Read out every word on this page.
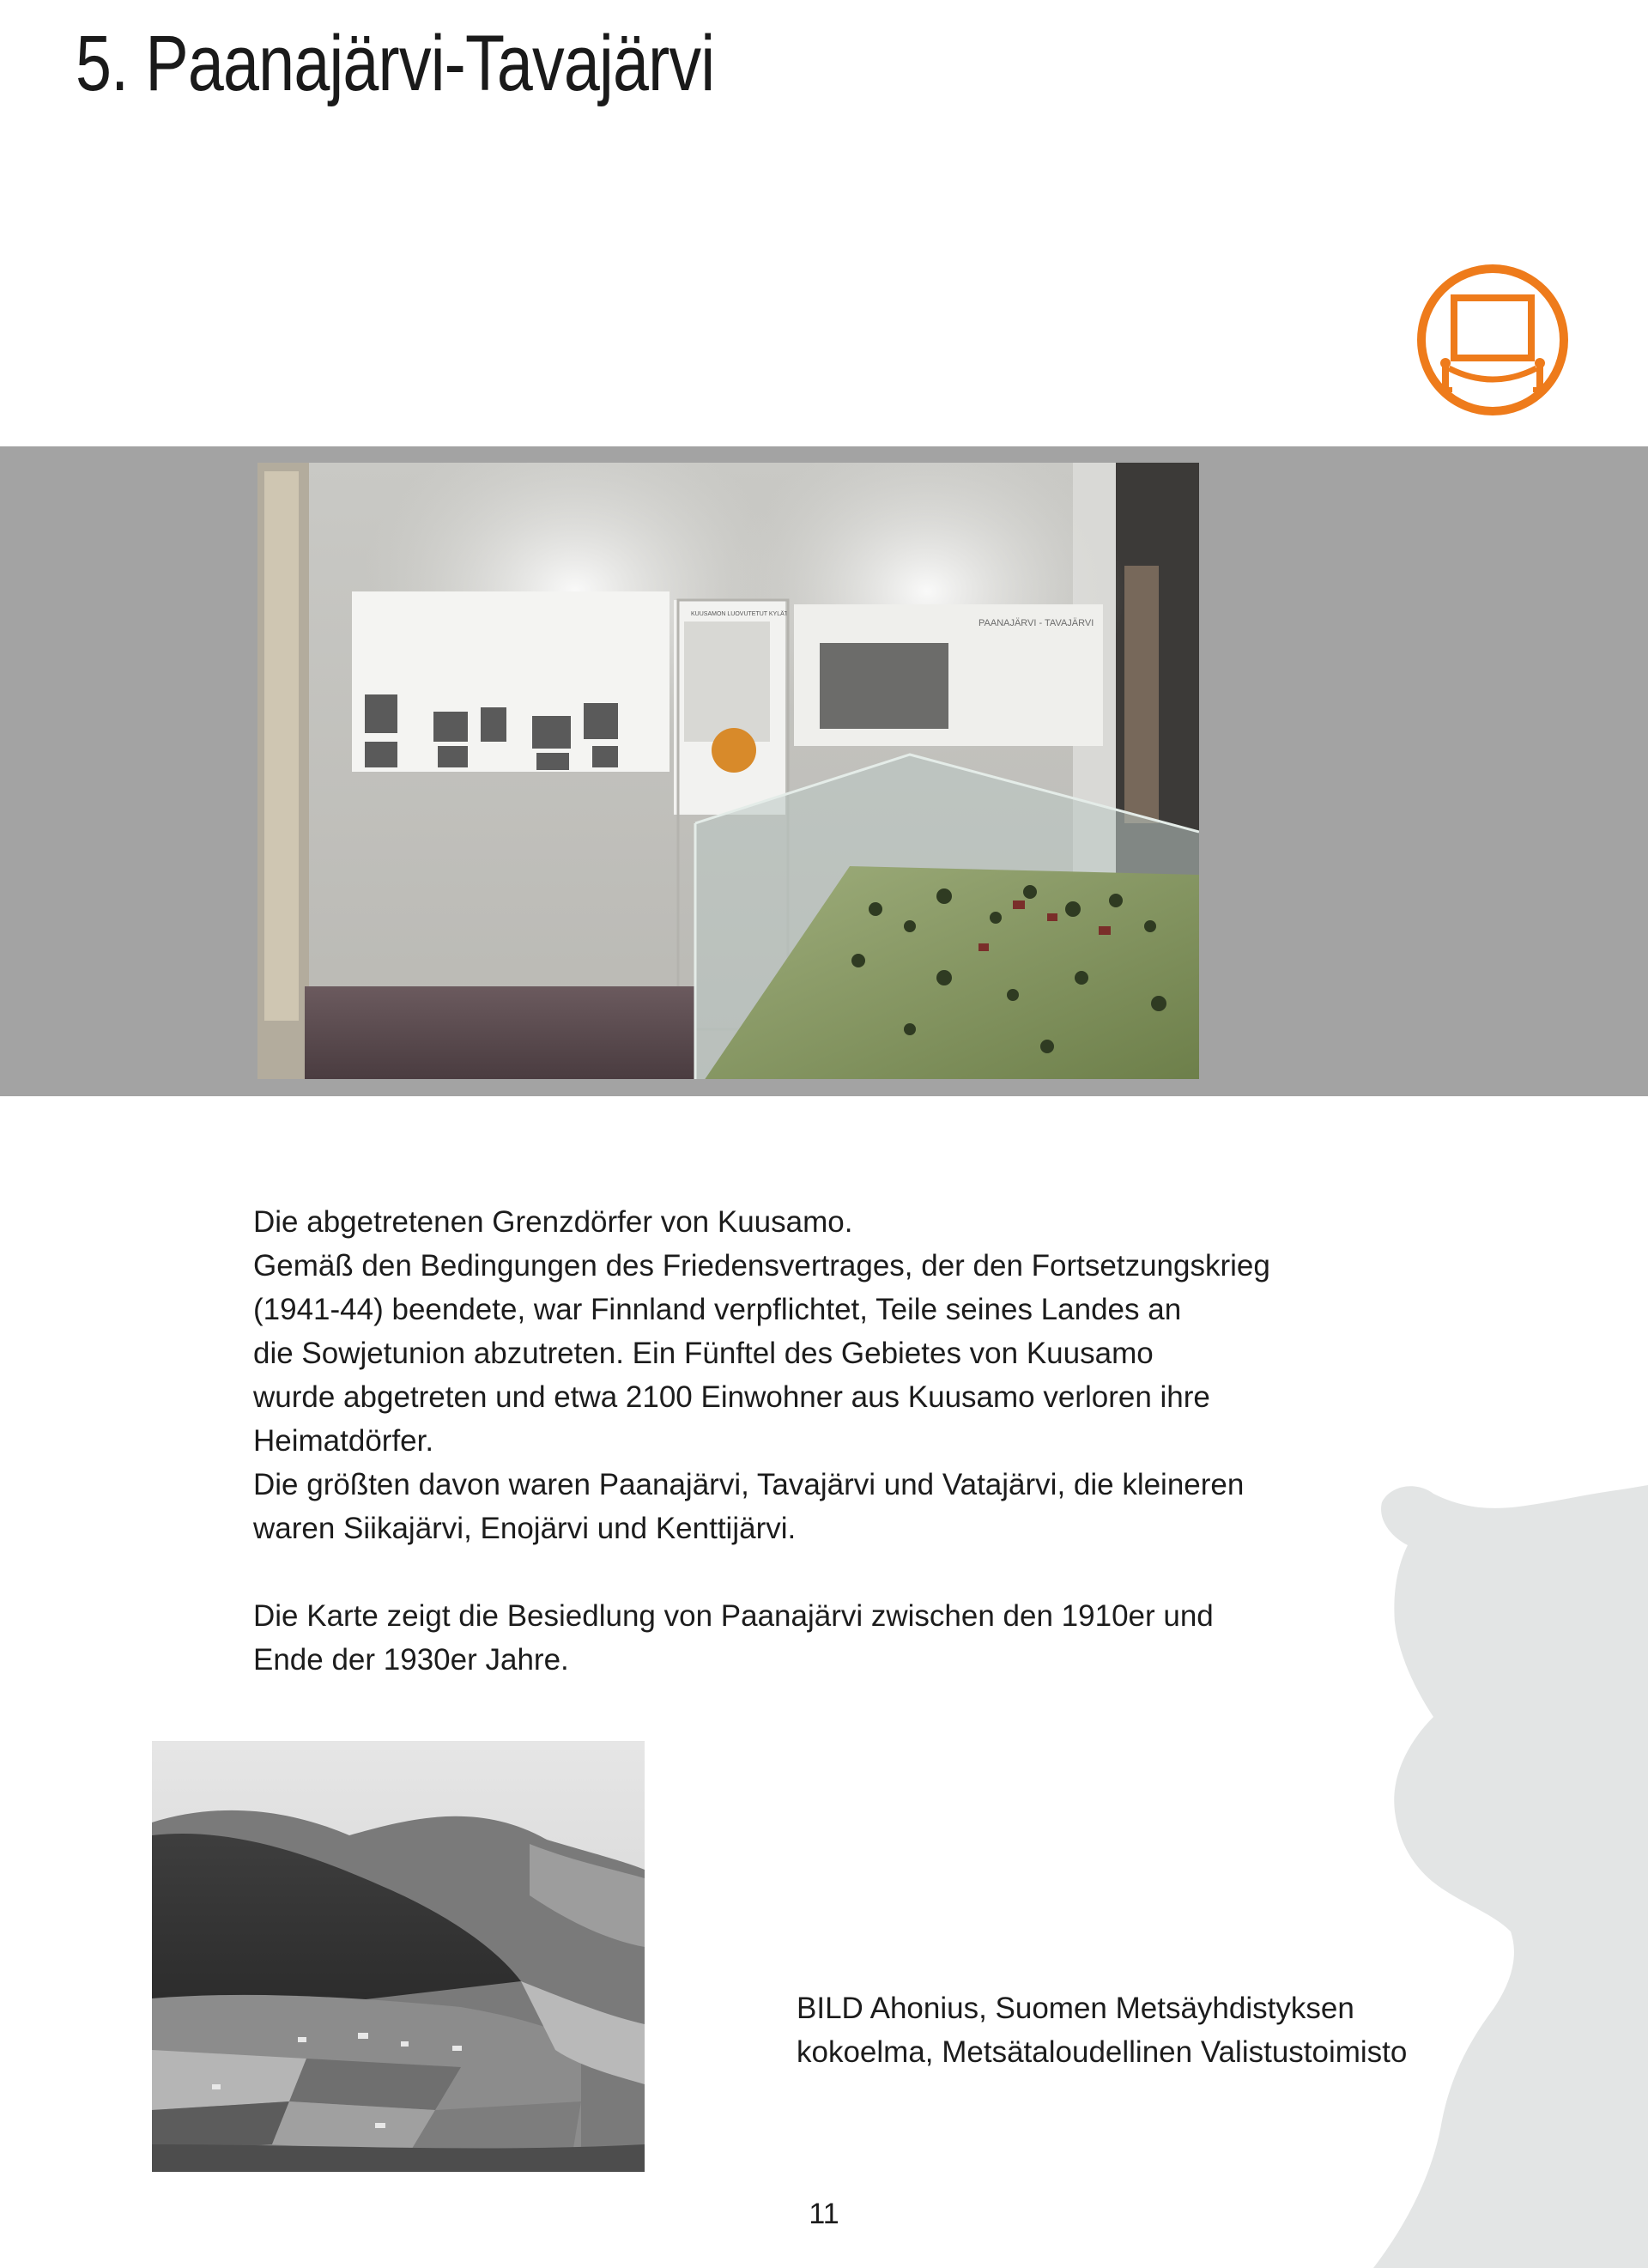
5. Paanajärvi-Tavajärvi
PAANAJÄRVI - TAVAJÄRVI
KUUSAMON LUOVUTETUT KYLÄT

Die abgetretenen Grenzdörfer von Kuusamo.
Gemäß den Bedingungen des Friedensvertrages, der den Fortsetzungskrieg
(1941-44) beendete, war Finnland verpflichtet, Teile seines Landes an
die Sowjetunion abzutreten. Ein Fünftel des Gebietes von Kuusamo
wurde abgetreten und etwa 2100 Einwohner aus Kuusamo verloren ihre
Heimatdörfer.
Die größten davon waren Paanajärvi, Tavajärvi und Vatajärvi, die kleineren
waren Siikajärvi, Enojärvi und Kenttijärvi.

Die Karte zeigt die Besiedlung von Paanajärvi zwischen den 1910er und
Ende der 1930er Jahre.

BILD Ahonius, Suomen Metsäyhdistyksen
kokoelma, Metsätaloudellinen Valistustoimisto
11
